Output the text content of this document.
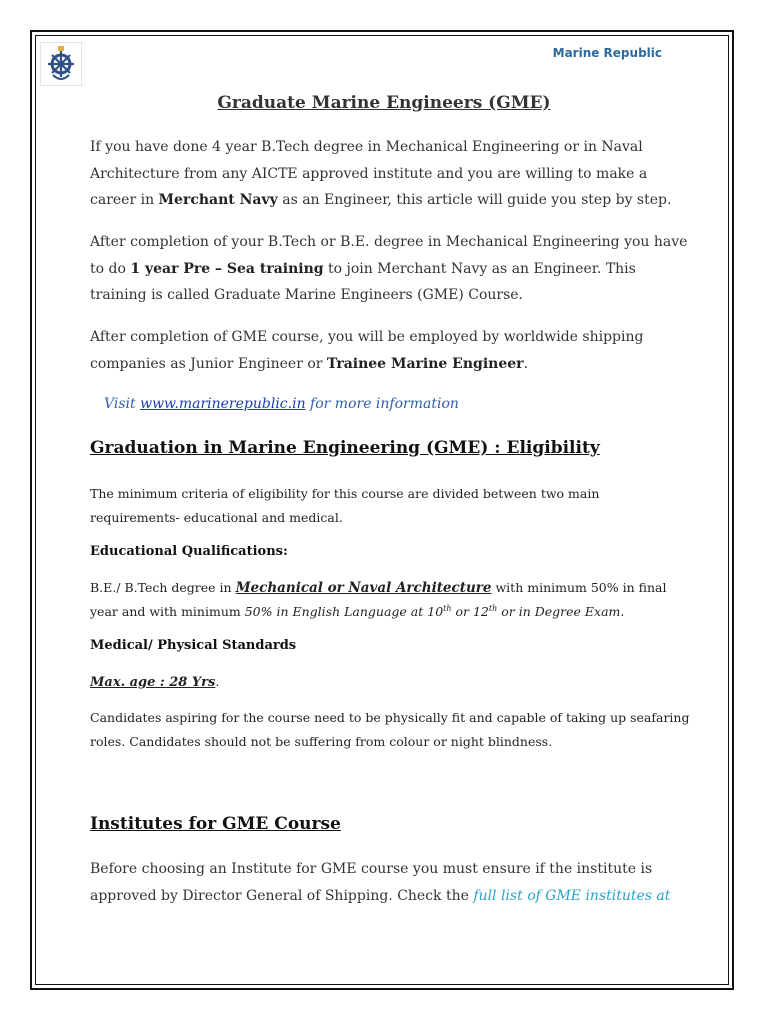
Marine Republic
Graduate Marine Engineers (GME)
If you have done 4 year B.Tech degree in Mechanical Engineering or in Naval Architecture from any AICTE approved institute and you are willing to make a career in Merchant Navy as an Engineer, this article will guide you step by step.
After completion of your B.Tech or B.E. degree in Mechanical Engineering you have to do 1 year Pre – Sea training to join Merchant Navy as an Engineer. This training is called Graduate Marine Engineers (GME) Course.
After completion of GME course, you will be employed by worldwide shipping companies as Junior Engineer or Trainee Marine Engineer.
Visit www.marinerepublic.in for more information
Graduation in Marine Engineering (GME) : Eligibility
The minimum criteria of eligibility for this course are divided between two main requirements- educational and medical.
Educational Qualifications:
B.E./ B.Tech degree in Mechanical or Naval Architecture with minimum 50% in final year and with minimum 50% in English Language at 10th or 12th or in Degree Exam.
Medical/ Physical Standards
Max. age : 28 Yrs.
Candidates aspiring for the course need to be physically fit and capable of taking up seafaring roles. Candidates should not be suffering from colour or night blindness.
Institutes for GME Course
Before choosing an Institute for GME course you must ensure if the institute is approved by Director General of Shipping. Check the full list of GME institutes at
